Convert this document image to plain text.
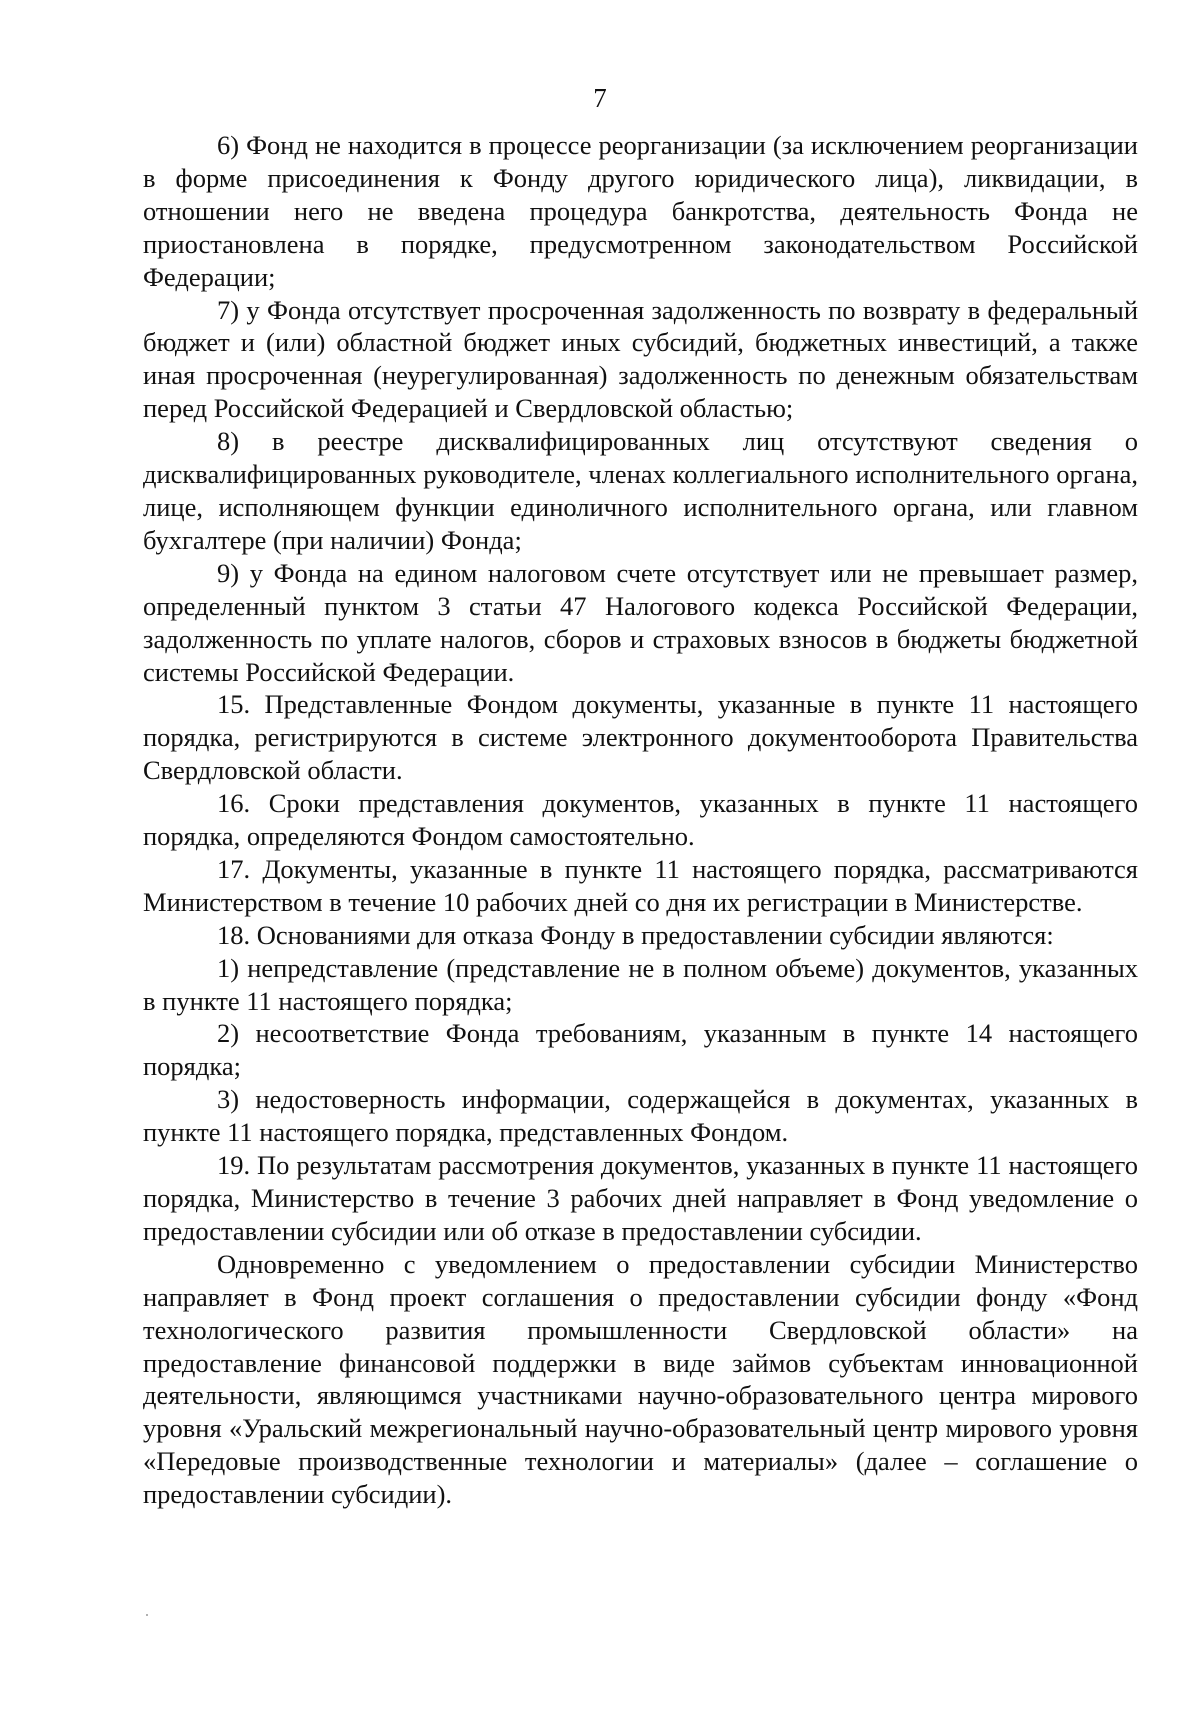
7

6) Фонд не находится в процессе реорганизации (за исключением реорганизации в форме присоединения к Фонду другого юридического лица), ликвидации, в отношении него не введена процедура банкротства, деятельность Фонда не приостановлена в порядке, предусмотренном законодательством Российской Федерации;

7) у Фонда отсутствует просроченная задолженность по возврату в федеральный бюджет и (или) областной бюджет иных субсидий, бюджетных инвестиций, а также иная просроченная (неурегулированная) задолженность по денежным обязательствам перед Российской Федерацией и Свердловской областью;

8) в реестре дисквалифицированных лиц отсутствуют сведения о дисквалифицированных руководителе, членах коллегиального исполнительного органа, лице, исполняющем функции единоличного исполнительного органа, или главном бухгалтере (при наличии) Фонда;

9) у Фонда на едином налоговом счете отсутствует или не превышает размер, определенный пунктом 3 статьи 47 Налогового кодекса Российской Федерации, задолженность по уплате налогов, сборов и страховых взносов в бюджеты бюджетной системы Российской Федерации.

15. Представленные Фондом документы, указанные в пункте 11 настоящего порядка, регистрируются в системе электронного документооборота Правительства Свердловской области.

16. Сроки представления документов, указанных в пункте 11 настоящего порядка, определяются Фондом самостоятельно.

17. Документы, указанные в пункте 11 настоящего порядка, рассматриваются Министерством в течение 10 рабочих дней со дня их регистрации в Министерстве.

18. Основаниями для отказа Фонду в предоставлении субсидии являются:

1) непредставление (представление не в полном объеме) документов, указанных в пункте 11 настоящего порядка;

2) несоответствие Фонда требованиям, указанным в пункте 14 настоящего порядка;

3) недостоверность информации, содержащейся в документах, указанных в пункте 11 настоящего порядка, представленных Фондом.

19. По результатам рассмотрения документов, указанных в пункте 11 настоящего порядка, Министерство в течение 3 рабочих дней направляет в Фонд уведомление о предоставлении субсидии или об отказе в предоставлении субсидии.

Одновременно с уведомлением о предоставлении субсидии Министерство направляет в Фонд проект соглашения о предоставлении субсидии фонду «Фонд технологического развития промышленности Свердловской области» на предоставление финансовой поддержки в виде займов субъектам инновационной деятельности, являющимся участниками научно-образовательного центра мирового уровня «Уральский межрегиональный научно-образовательный центр мирового уровня «Передовые производственные технологии и материалы» (далее – соглашение о предоставлении субсидии).
